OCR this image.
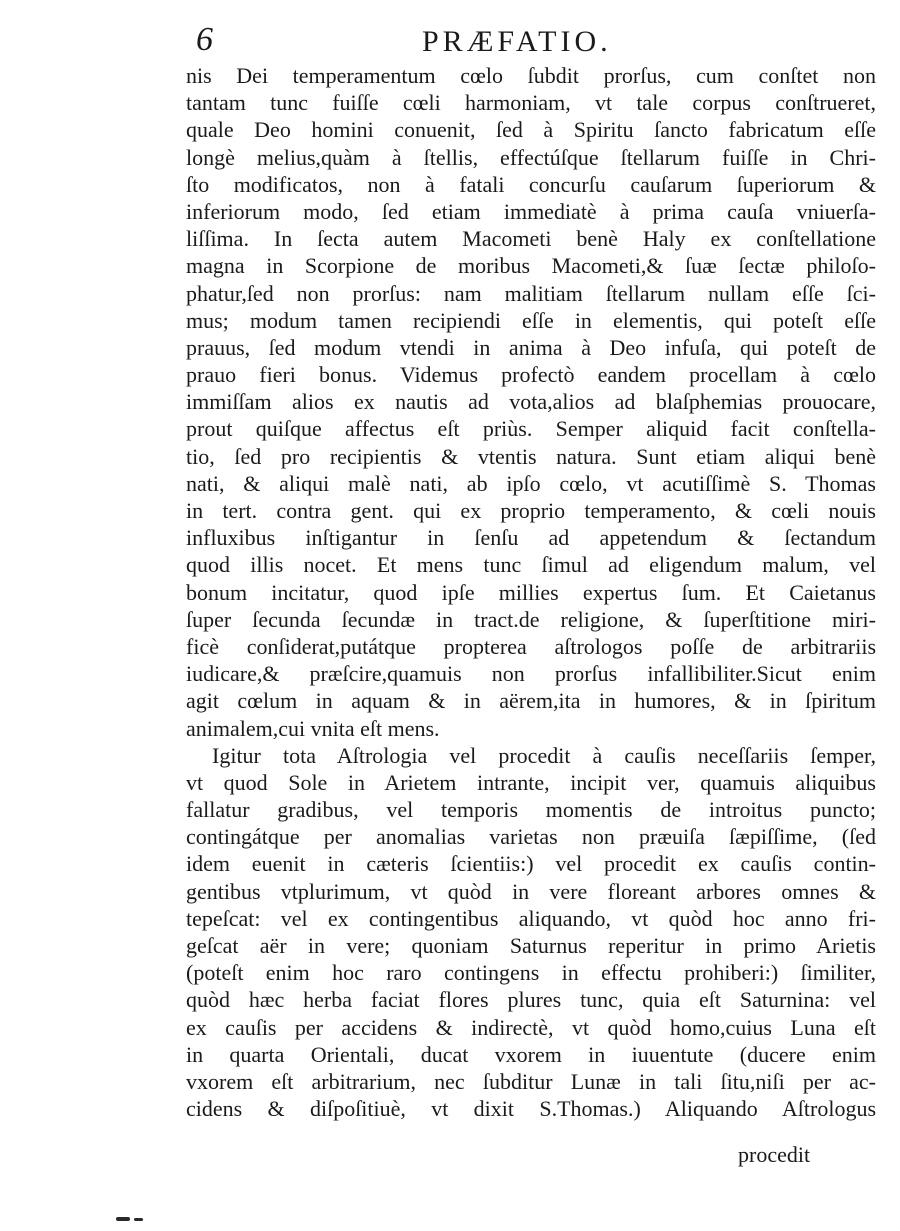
6	PRÆFATIO.
nis Dei temperamentum cœlo ſubdit prorſus, cum conſtet non
tantam tunc fuiſſe cœli harmoniam, vt tale corpus conſtrueret,
quale Deo homini conuenit, ſed à Spiritu ſancto fabricatum eſſe
longè melius,quàm à ſtellis, effectúſque ſtellarum fuiſſe in Chri-
ſto modificatos, non à fatali concurſu cauſarum ſuperiorum &
inferiorum modo, ſed etiam immediatè à prima cauſa vniuerſa-
liſſima. In ſecta autem Macometi benè Haly ex conſtellatione
magna in Scorpione de moribus Macometi,& ſuæ ſectæ philoſo-
phatur,ſed non prorſus: nam malitiam ſtellarum nullam eſſe ſci-
mus; modum tamen recipiendi eſſe in elementis, qui poteſt eſſe
prauus, ſed modum vtendi in anima à Deo infuſa, qui poteſt de
prauo fieri bonus. Videmus profectò eandem procellam à cœlo
immiſſam alios ex nautis ad vota,alios ad blaſphemias prouocare,
prout quiſque affectus eſt priùs. Semper aliquid facit conſtella-
tio, ſed pro recipientis & vtentis natura. Sunt etiam aliqui benè
nati, & aliqui malè nati, ab ipſo cœlo, vt acutiſſimè S. Thomas
in tert. contra gent. qui ex proprio temperamento, & cœli nouis
influxibus inſtigantur in ſenſu ad appetendum & ſectandum
quod illis nocet. Et mens tunc ſimul ad eligendum malum, vel
bonum incitatur, quod ipſe millies expertus ſum. Et Caietanus
ſuper ſecunda ſecundæ in tract.de religione, & ſuperſtitione miri-
ficè conſiderat,putátque propterea aſtrologos poſſe de arbitrariis
iudicare,& præſcire,quamuis non prorſus infallibiliter.Sicut enim
agit cœlum in aquam & in aërem,ita in humores, & in ſpiritum
animalem,cui vnita eſt mens.
Igitur tota Aſtrologia vel procedit à cauſis neceſſariis ſemper,
vt quod Sole in Arietem intrante, incipit ver, quamuis aliquibus
fallatur gradibus, vel temporis momentis de introitus puncto;
contingátque per anomalias varietas non præuiſa ſæpiſſime, (ſed
idem euenit in cæteris ſcientiis:) vel procedit ex cauſis contin-
gentibus vtplurimum, vt quòd in vere floreant arbores omnes &
tepeſcat: vel ex contingentibus aliquando, vt quòd hoc anno fri-
geſcat aër in vere; quoniam Saturnus reperitur in primo Arietis
(poteſt enim hoc raro contingens in effectu prohiberi:) ſimiliter,
quòd hæc herba faciat flores plures tunc, quia eſt Saturnina: vel
ex cauſis per accidens & indirectè, vt quòd homo,cuius Luna eſt
in quarta Orientali, ducat vxorem in iuuentute (ducere enim
vxorem eſt arbitrarium, nec ſubditur Lunæ in tali ſitu,niſi per ac-
cidens & diſpoſitiuè, vt dixit S.Thomas.) Aliquando Aſtrologus
procedit
